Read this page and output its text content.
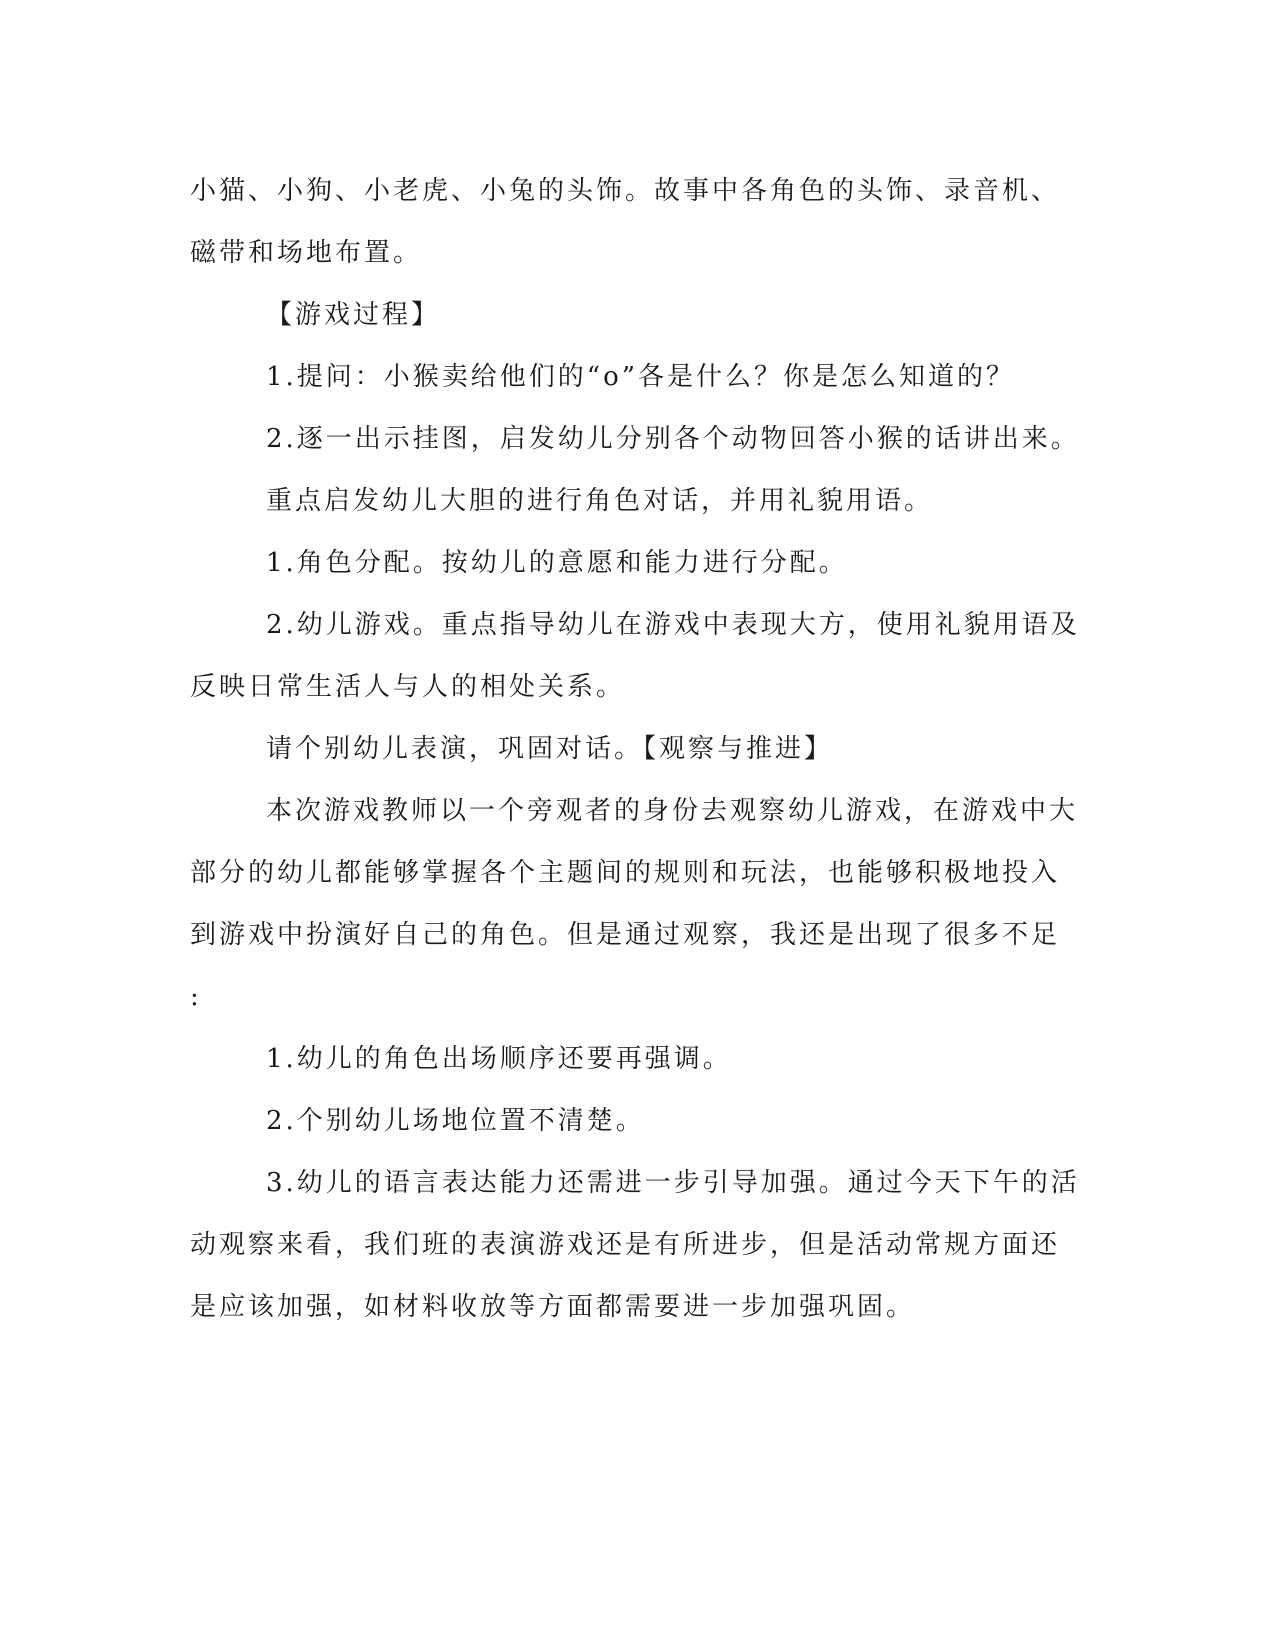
小猫、小狗、小老虎、小兔的头饰。故事中各角色的头饰、录音机、磁带和场地布置。

【游戏过程】

1.提问：小猴卖给他们的“o”各是什么？你是怎么知道的？

2.逐一出示挂图，启发幼儿分别各个动物回答小猴的话讲出来。

重点启发幼儿大胆的进行角色对话，并用礼貌用语。

1.角色分配。按幼儿的意愿和能力进行分配。

2.幼儿游戏。重点指导幼儿在游戏中表现大方，使用礼貌用语及反映日常生活人与人的相处关系。

请个别幼儿表演，巩固对话。【观察与推进】

本次游戏教师以一个旁观者的身份去观察幼儿游戏，在游戏中大部分的幼儿都能够掌握各个主题间的规则和玩法，也能够积极地投入到游戏中扮演好自己的角色。但是通过观察，我还是出现了很多不足

:

1.幼儿的角色出场顺序还要再强调。

2.个别幼儿场地位置不清楚。

3.幼儿的语言表达能力还需进一步引导加强。通过今天下午的活动观察来看，我们班的表演游戏还是有所进步，但是活动常规方面还是应该加强，如材料收放等方面都需要进一步加强巩固。
